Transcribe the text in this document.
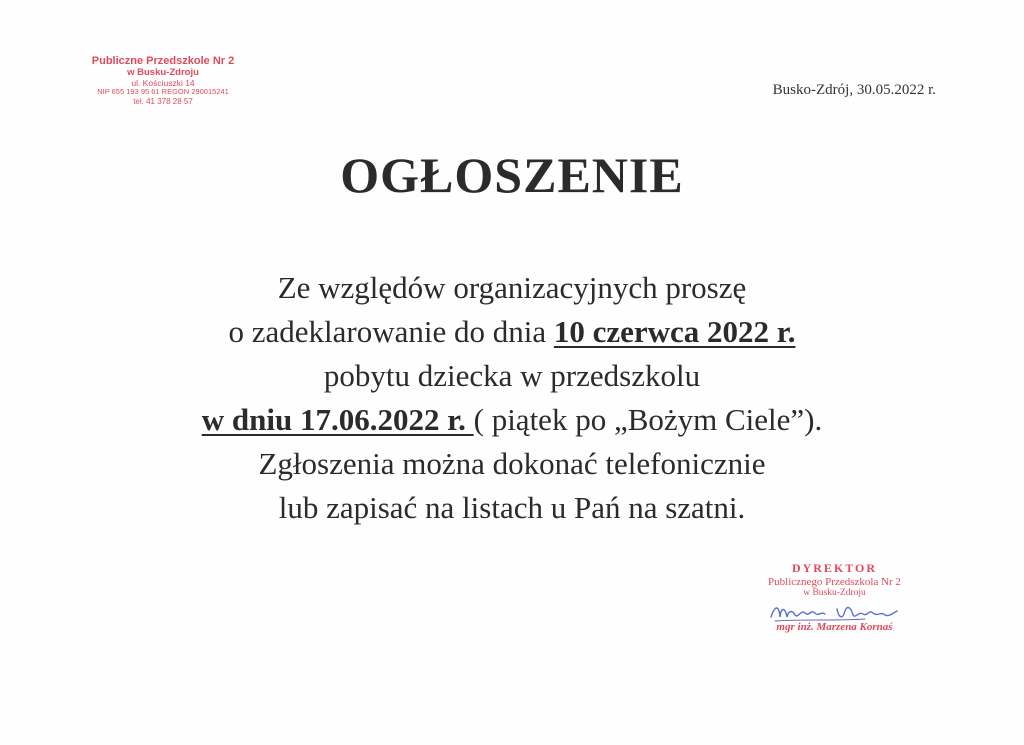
Publiczne Przedszkole Nr 2
w Busku-Zdroju
ul. Kościuszki 14
NIP 655 193 95 61 REGON 290015241
tel. 41 378 28 57
Busko-Zdrój, 30.05.2022 r.
OGŁOSZENIE
Ze względów organizacyjnych proszę
o zadeklarowanie do dnia 10 czerwca 2022 r.
pobytu dziecka w przedszkolu
w dniu 17.06.2022 r. ( piątek po „Bożym Ciele”).
Zgłoszenia można dokonać telefonicznie
lub zapisać na listach u Pań na szatni.
DYREKTOR
Publicznego Przedszkola Nr 2
w Busku-Zdroju
mgr inż. Marzena Kornaś
